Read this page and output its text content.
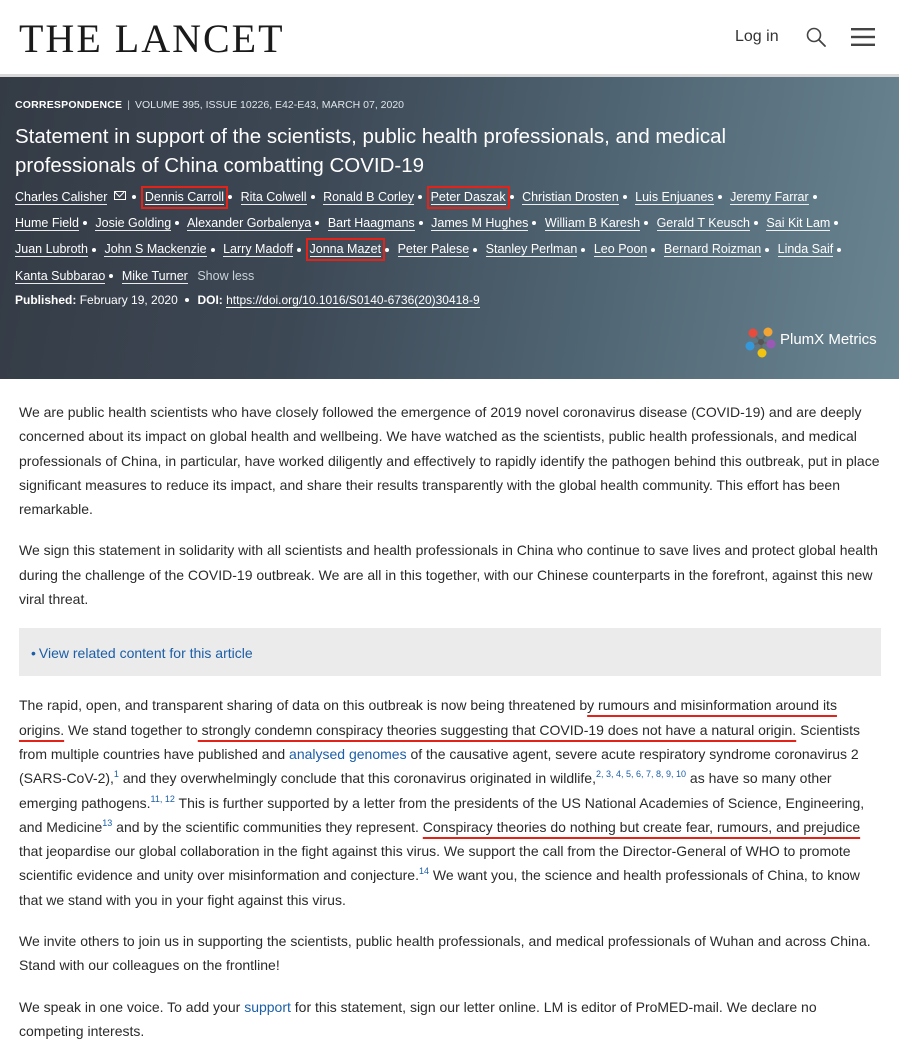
THE LANCET	Log in
CORRESPONDENCE | VOLUME 395, ISSUE 10226, E42-E43, MARCH 07, 2020
Statement in support of the scientists, public health professionals, and medical professionals of China combatting COVID-19
Charles Calisher	Dennis Carroll Rita Colwell Ronald B Corley Peter Daszak Christian Drosten Luis Enjuanes Jeremy Farrar Hume Field Josie Golding Alexander Gorbalenya Bart Haagmans James M Hughes William B Karesh Gerald T Keusch Sai Kit Lam Juan Lubroth John S Mackenzie Larry Madoff Jonna Mazet Peter Palese Stanley Perlman Leo Poon Bernard Roizman Linda Saif Kanta Subbarao Mike Turner Show less
Published: February 19, 2020 DOI: https://doi.org/10.1016/S0140-6736(20)30418-9
PlumX Metrics

We are public health scientists who have closely followed the emergence of 2019 novel coronavirus disease (COVID-19) and are deeply concerned about its impact on global health and wellbeing. We have watched as the scientists, public health professionals, and medical professionals of China, in particular, have worked diligently and effectively to rapidly identify the pathogen behind this outbreak, put in place significant measures to reduce its impact, and share their results transparently with the global health community. This effort has been remarkable.

We sign this statement in solidarity with all scientists and health professionals in China who continue to save lives and protect global health during the challenge of the COVID-19 outbreak. We are all in this together, with our Chinese counterparts in the forefront, against this new viral threat.

• View related content for this article

The rapid, open, and transparent sharing of data on this outbreak is now being threatened by rumours and misinformation around its origins. We stand together to strongly condemn conspiracy theories suggesting that COVID-19 does not have a natural origin. Scientists from multiple countries have published and analysed genomes of the causative agent, severe acute respiratory syndrome coronavirus 2 (SARS-CoV-2),$^1$ and they overwhelmingly conclude that this coronavirus originated in wildlife,$^{2, 3, 4, 5, 6, 7, 8, 9, 10}$ as have so many other emerging pathogens.$^{11, 12}$ This is further supported by a letter from the presidents of the US National Academies of Science, Engineering, and Medicine$^{13}$ and by the scientific communities they represent. Conspiracy theories do nothing but create fear, rumours, and prejudice that jeopardise our global collaboration in the fight against this virus. We support the call from the Director-General of WHO to promote scientific evidence and unity over misinformation and conjecture.$^{14}$ We want you, the science and health professionals of China, to know that we stand with you in your fight against this virus.

We invite others to join us in supporting the scientists, public health professionals, and medical professionals of Wuhan and across China. Stand with our colleagues on the frontline!

We speak in one voice. To add your support for this statement, sign our letter online. LM is editor of ProMED-mail. We declare no competing interests.
